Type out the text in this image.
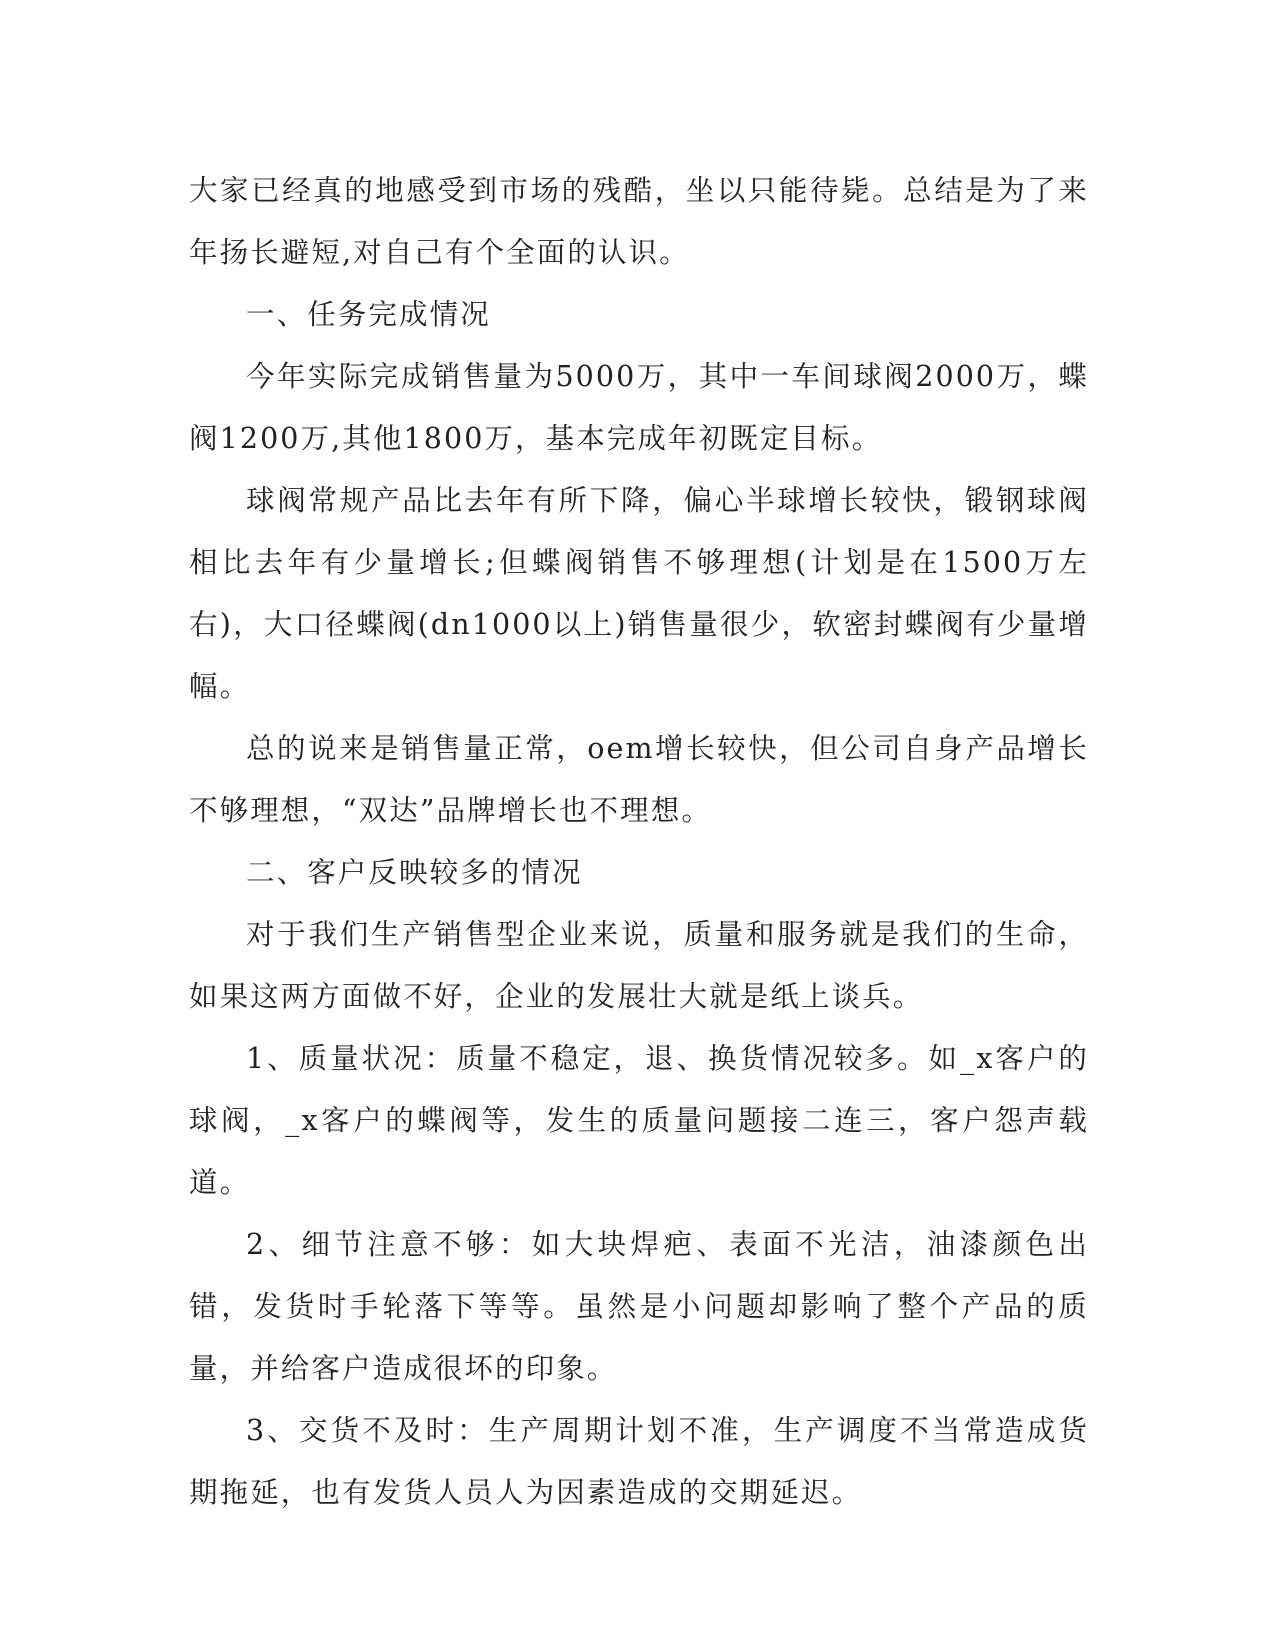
大家已经真的地感受到市场的残酷，坐以只能待毙。总结是为了来年扬长避短,对自己有个全面的认识。

一、任务完成情况

今年实际完成销售量为5000万，其中一车间球阀2000万，蝶阀1200万,其他1800万，基本完成年初既定目标。

球阀常规产品比去年有所下降，偏心半球增长较快，锻钢球阀相比去年有少量增长;但蝶阀销售不够理想(计划是在1500万左右)，大口径蝶阀(dn1000以上)销售量很少，软密封蝶阀有少量增幅。

总的说来是销售量正常，oem增长较快，但公司自身产品增长不够理想，“双达”品牌增长也不理想。

二、客户反映较多的情况

对于我们生产销售型企业来说，质量和服务就是我们的生命，如果这两方面做不好，企业的发展壮大就是纸上谈兵。

1、质量状况：质量不稳定，退、换货情况较多。如_x客户的球阀，_x客户的蝶阀等，发生的质量问题接二连三，客户怨声载道。

2、细节注意不够：如大块焊疤、表面不光洁，油漆颜色出错，发货时手轮落下等等。虽然是小问题却影响了整个产品的质量，并给客户造成很坏的印象。

3、交货不及时：生产周期计划不准，生产调度不当常造成货期拖延，也有发货人员人为因素造成的交期延迟。
